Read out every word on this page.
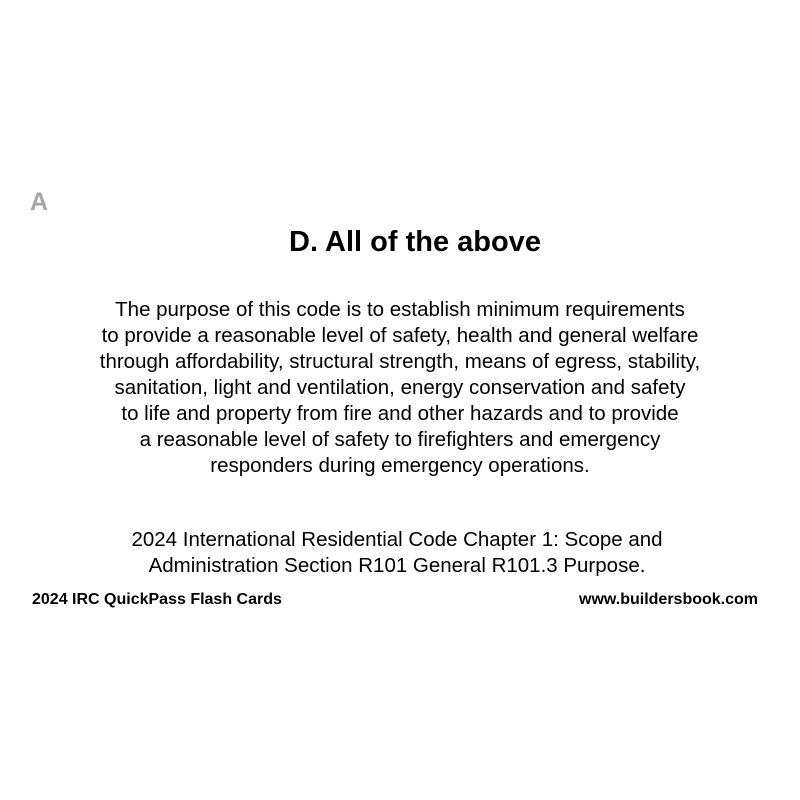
A
D. All of the above

The purpose of this code is to establish minimum requirements
to provide a reasonable level of safety, health and general welfare
through affordability, structural strength, means of egress, stability,
sanitation, light and ventilation, energy conservation and safety
to life and property from fire and other hazards and to provide
a reasonable level of safety to firefighters and emergency
responders during emergency operations.

2024 International Residential Code Chapter 1: Scope and
Administration Section R101 General R101.3 Purpose.

2024 IRC QuickPass Flash Cards	www.buildersbook.com
